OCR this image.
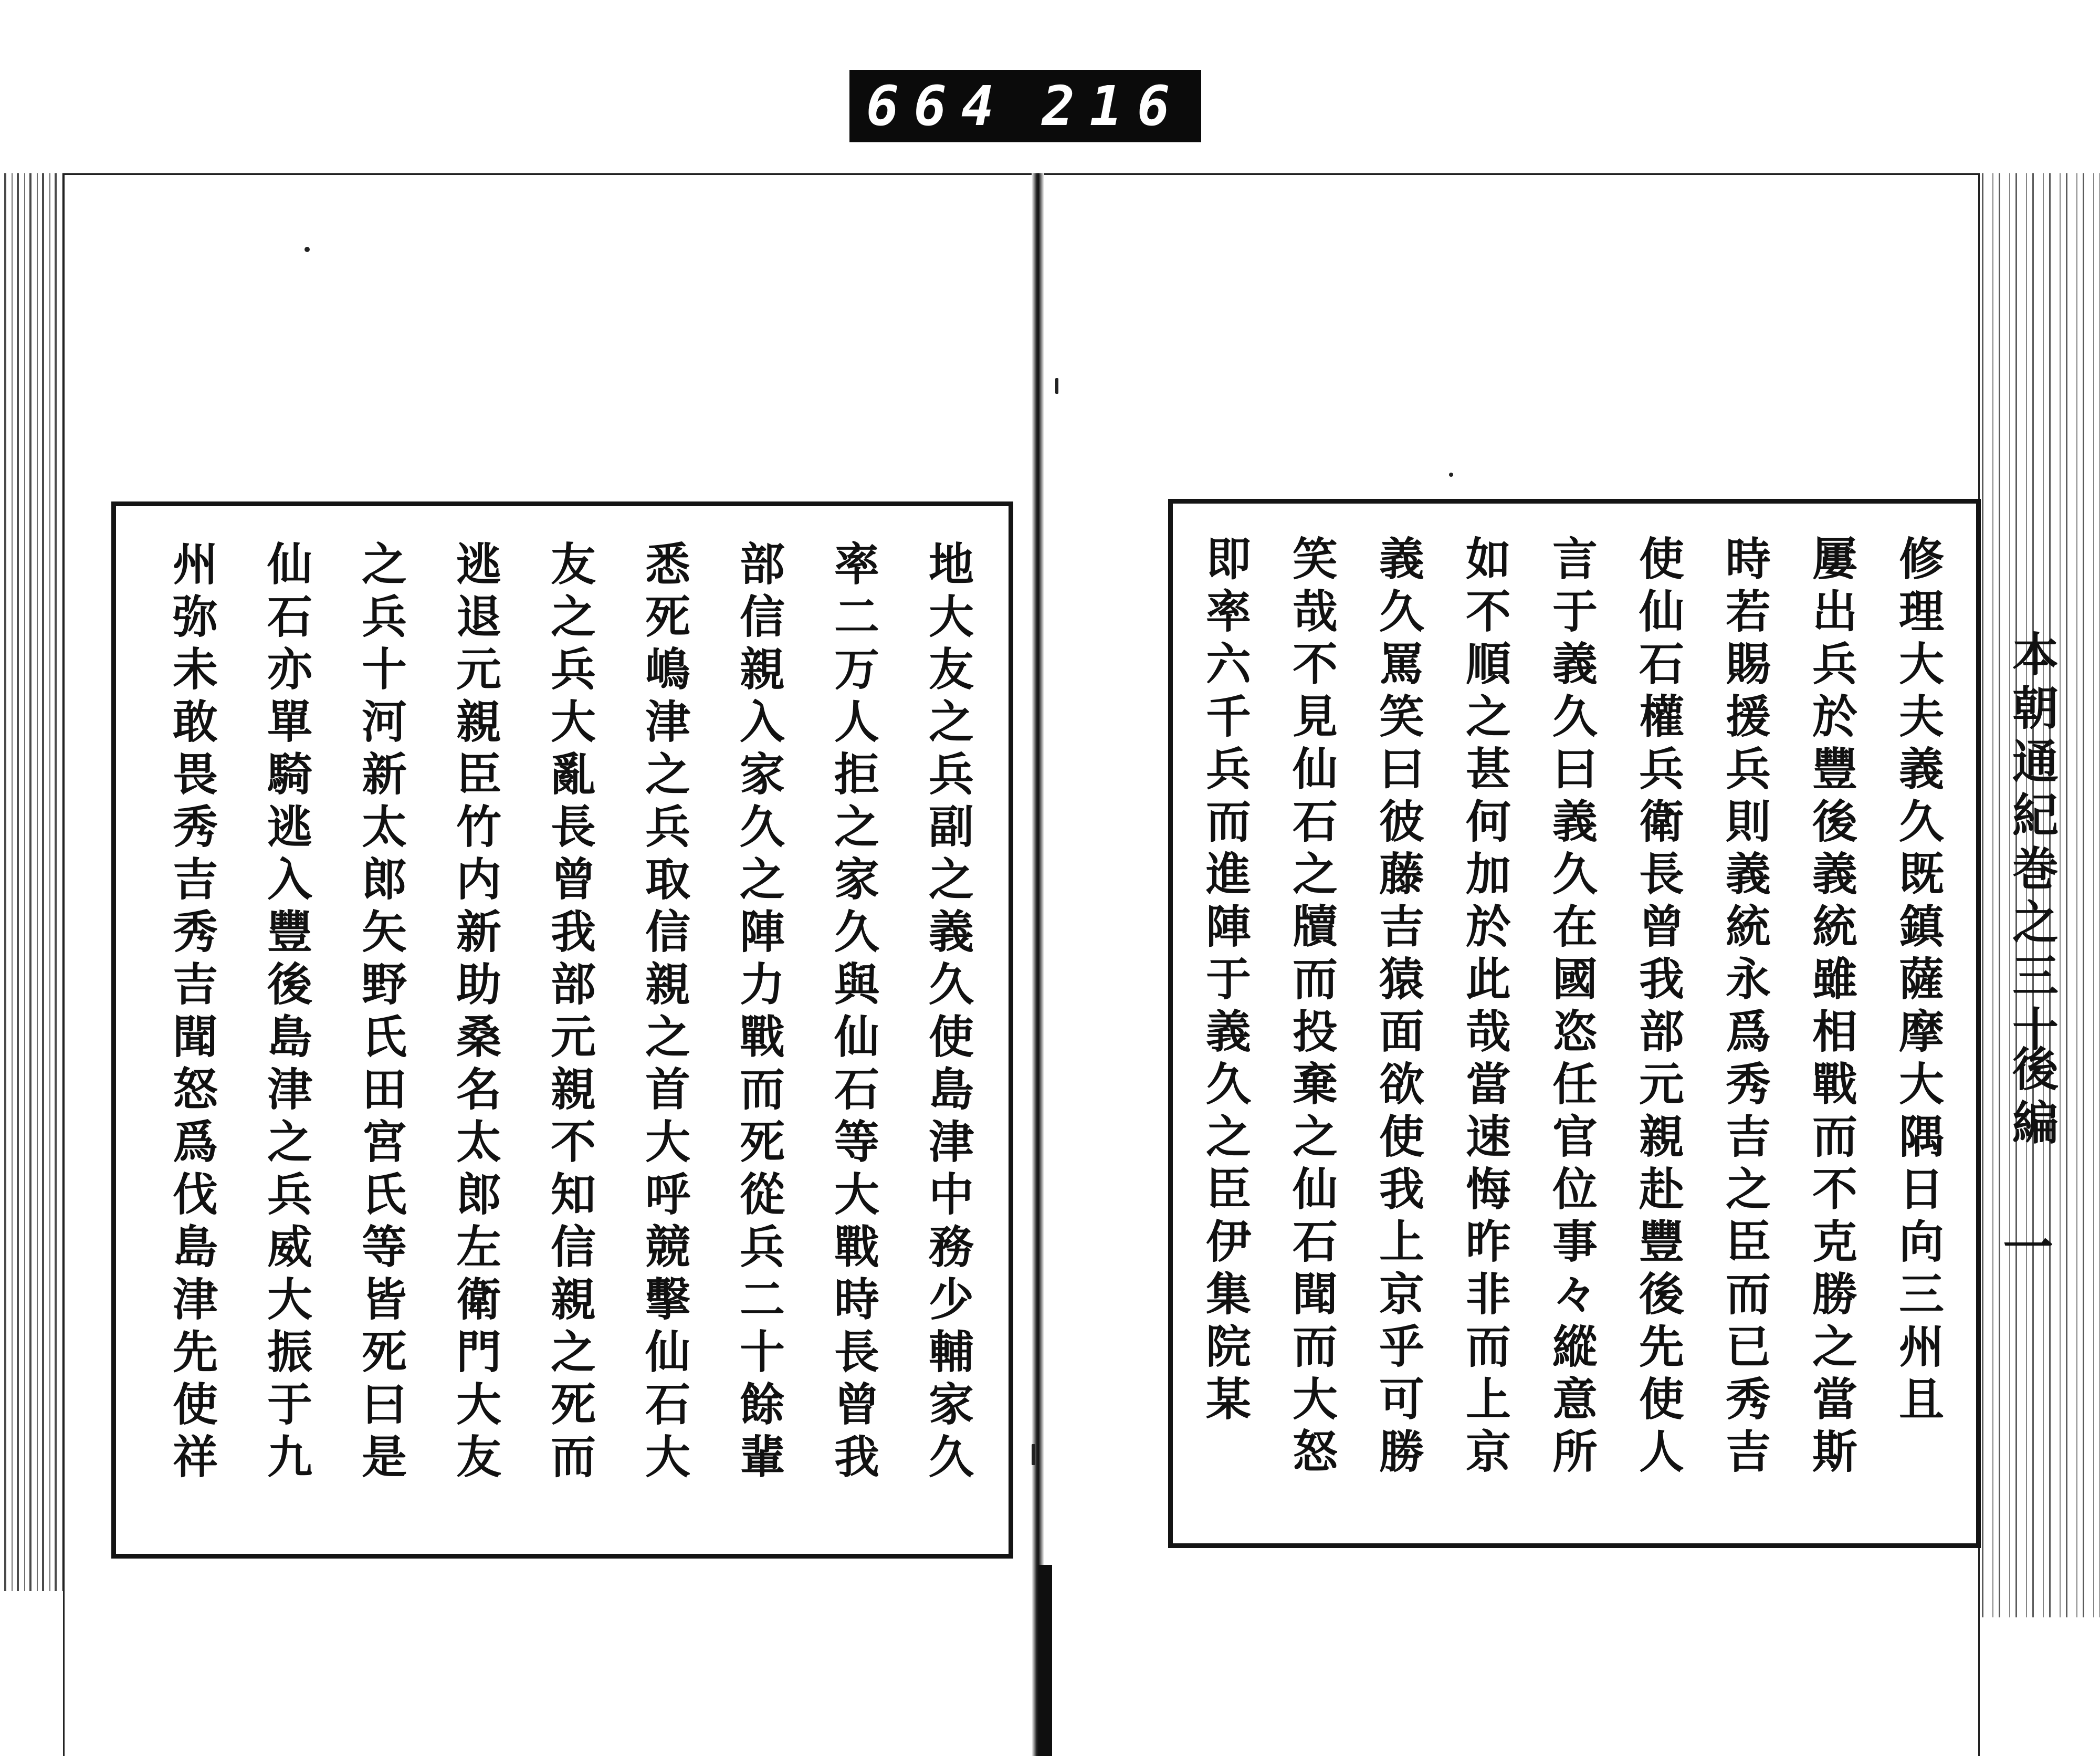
664 216
修理大夫義久既鎮薩摩大隅日向三州且
屢出兵於豐後義統雖相戰而不克勝之當斯
時若賜援兵則義統永爲秀吉之臣而已秀吉
使仙石權兵衛長曾我部元親赴豐後先使人
言于義久曰義久在國恣任官位事々縱意所
如不順之甚何加於此哉當速悔昨非而上京
義久罵笑曰彼藤吉猿面欲使我上京乎可勝
笑哉不見仙石之牘而投棄之仙石聞而大怒
即率六千兵而進陣于義久之臣伊集院某
地大友之兵副之義久使島津中務少輔家久
率二万人拒之家久與仙石等大戰時長曾我
部信親入家久之陣力戰而死從兵二十餘輩
悉死嶋津之兵取信親之首大呼競擊仙石大
友之兵大亂長曾我部元親不知信親之死而
逃退元親臣竹内新助桑名太郎左衛門大友
之兵十河新太郎矢野氏田宮氏等皆死曰是
仙石亦單騎逃入豐後島津之兵威大振于九
州弥未敢畏秀吉秀吉聞怒爲伐島津先使祥	本朝通紀巻之三十
後編
一
